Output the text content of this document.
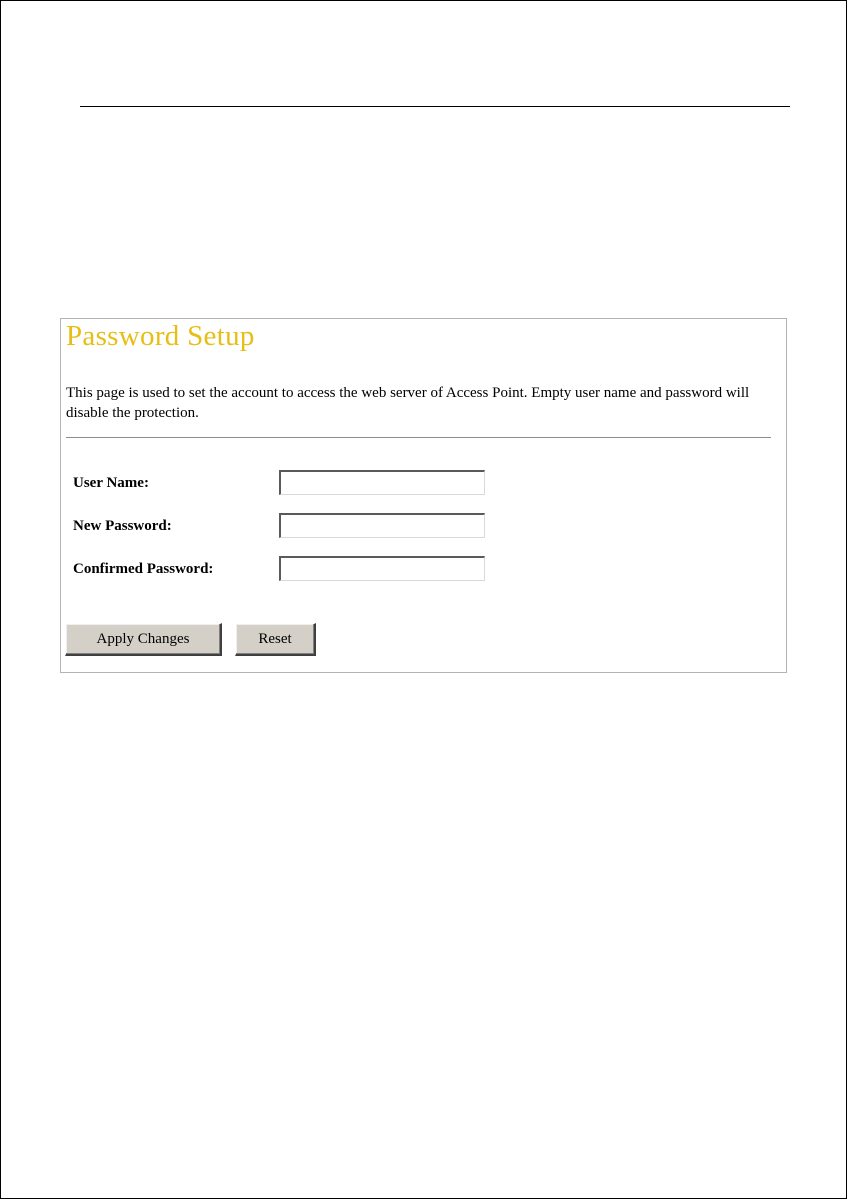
Password Setup

This page is used to set the account to access the web server of Access Point. Empty user name and password will disable the protection.

User Name:
New Password:
Confirmed Password:
Apply Changes	Reset
